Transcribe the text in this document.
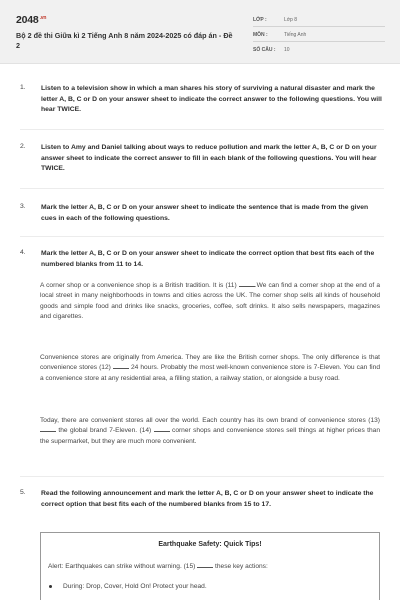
$2048^{.vn}$
Bộ 2 đề thi Giữa kì 2 Tiếng Anh 8 năm 2024-2025 có đáp án - Đề 2
LỚP :	Lớp 8
MÔN :	Tiếng Anh
SỐ CÂU : 10
1. Listen to a television show in which a man shares his story of surviving a natural disaster and mark the letter A, B, C or D on your answer sheet to indicate the correct answer to the following questions. You will hear TWICE.
2. Listen to Amy and Daniel talking about ways to reduce pollution and mark the letter A, B, C or D on your answer sheet to indicate the correct answer to fill in each blank of the following questions. You will hear TWICE.
3. Mark the letter A, B, C or D on your answer sheet to indicate the sentence that is made from the given cues in each of the following questions.
4. Mark the letter A, B, C or D on your answer sheet to indicate the correct option that best fits each of the numbered blanks from 11 to 14.
A corner shop or a convenience shop is a British tradition. It is (11)	.We can find a corner shop at the end of a local street in many neighborhoods in towns and cities across the UK. The corner shop sells all kinds of household goods and simple food and drinks like snacks, groceries, coffee, soft drinks. It also sells newspapers, magazines and cigarettes.
Convenience stores are originally from America. They are like the British corner shops. The only difference is that convenience stores (12)	24 hours. Probably the most well-known convenience store is 7-Eleven. You can find a convenience store at any residential area, a filling station, a railway station, or alongside a busy road.
Today, there are convenient stores all over the world. Each country has its own brand of convenience stores (13)  the global brand 7-Eleven. (14)	corner shops and convenience stores sell things at higher prices than the supermarket, but they are much more convenient.
5. Read the following announcement and mark the letter A, B, C or D on your answer sheet to indicate the correct option that best fits each of the numbered blanks from 15 to 17.
Earthquake Safety: Quick Tips!
Alert: Earthquakes can strike without warning. (15)	these key actions:
During: Drop, Cover, Hold On! Protect your head.
